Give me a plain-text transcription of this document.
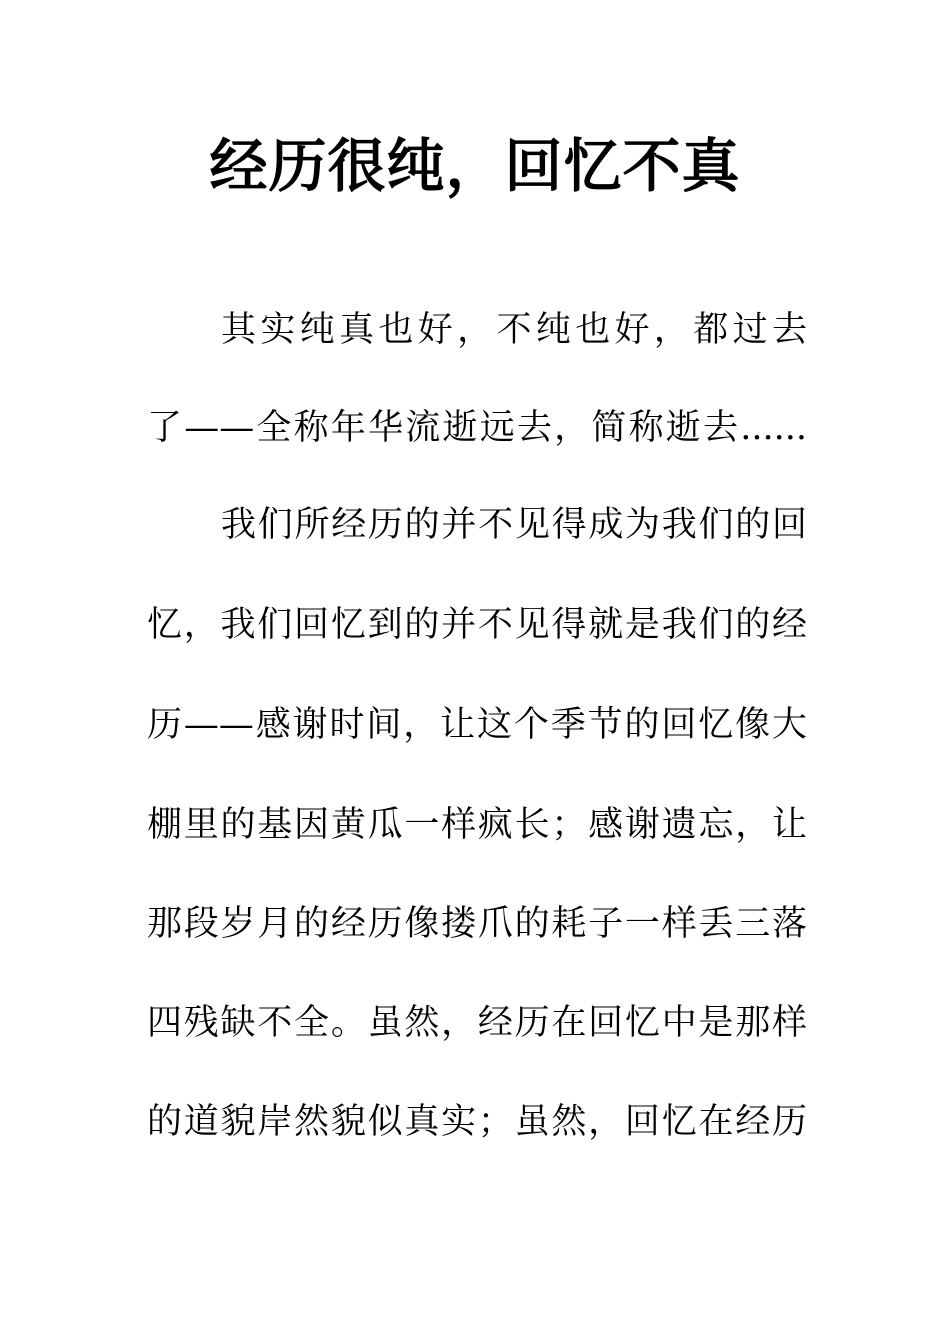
经历很纯，回忆不真

其实纯真也好，不纯也好，都过去

了——全称年华流逝远去，简称逝去......

我们所经历的并不见得成为我们的回

忆，我们回忆到的并不见得就是我们的经

历——感谢时间，让这个季节的回忆像大

棚里的基因黄瓜一样疯长；感谢遗忘，让

那段岁月的经历像搂爪的耗子一样丢三落

四残缺不全。虽然，经历在回忆中是那样

的道貌岸然貌似真实；虽然，回忆在经历
